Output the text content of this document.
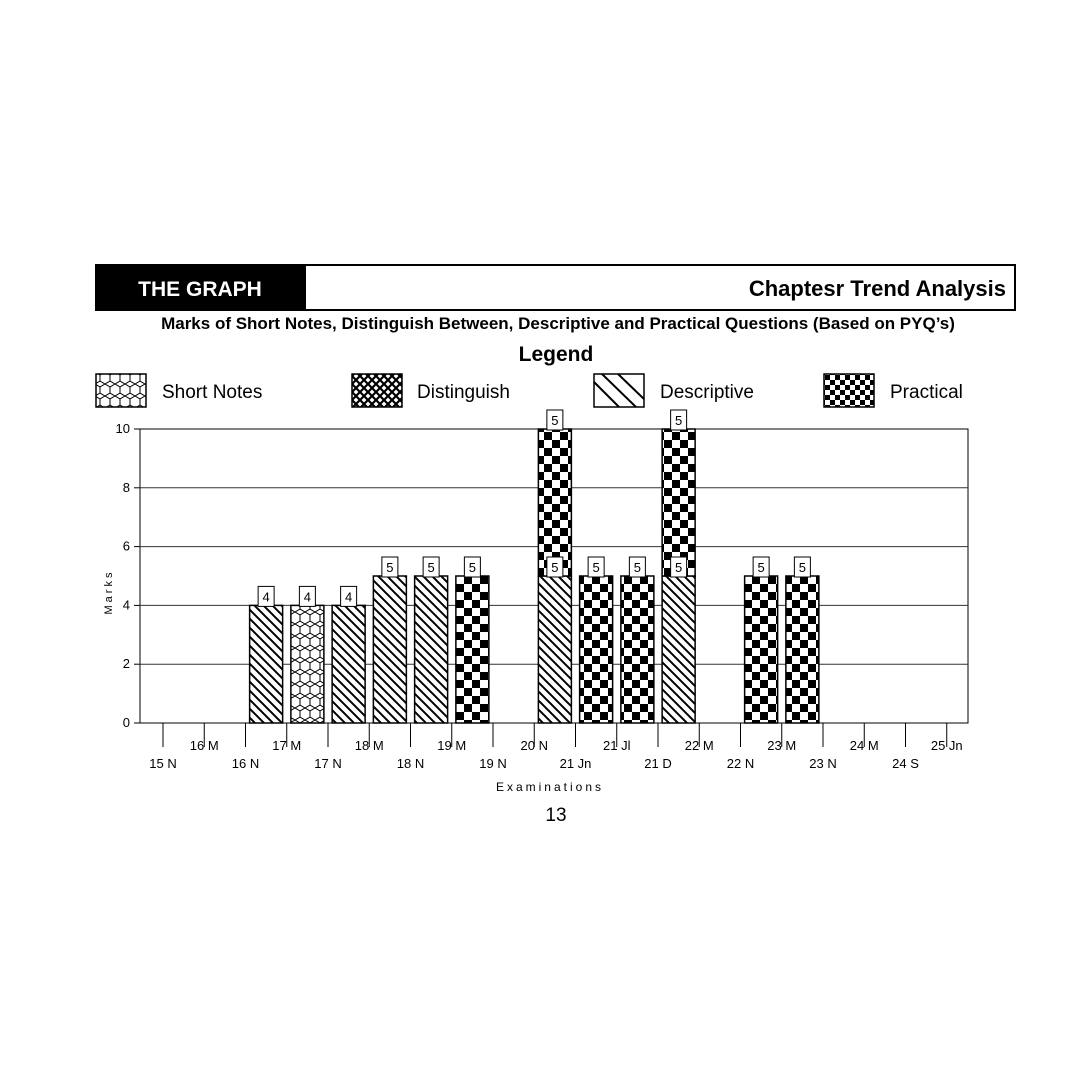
THE GRAPH	Chaptesr Trend Analysis
Marks of Short Notes, Distinguish Between, Descriptive and Practical Questions (Based on PYQ’s)
Legend
Short Notes	Distinguish	Descriptive	Practical
4	4	4
5	5	5	5
5
5	5	5
5
5	5
0
2
4
6
8
10
15 N
16 M
16 N
17 M
17 N
18 M
18 N
19 M
19 N
20 N
21 Jn
21 Jl
21 D
22 M
22 N
23 M
23 N
24 M
24 S
25 Jn
Marks
Examinations
13
